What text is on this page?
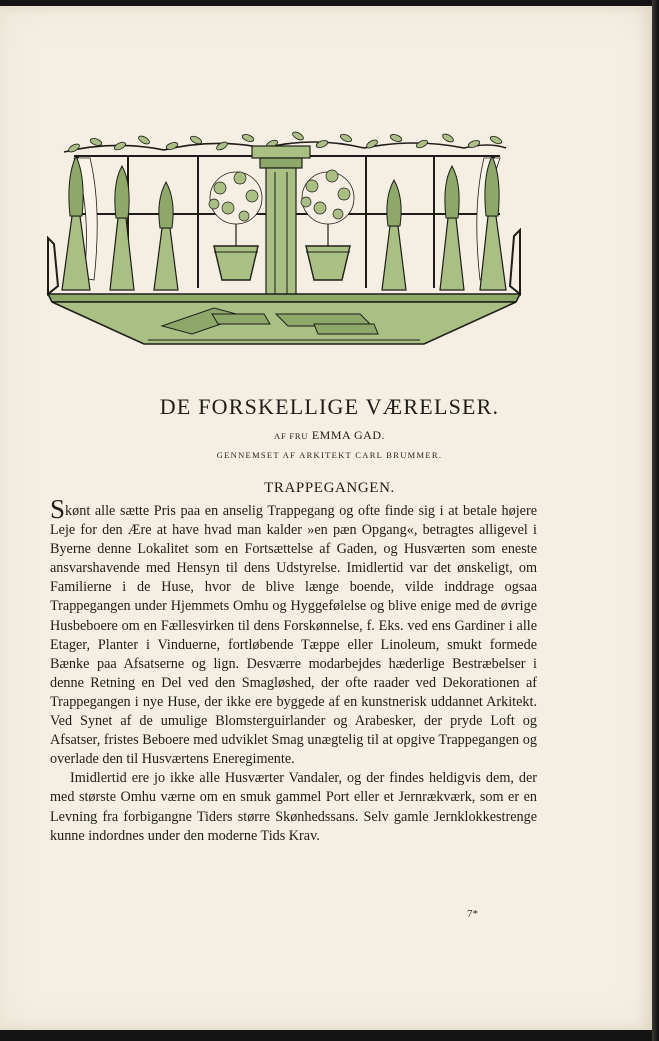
DE FORSKELLIGE VÆRELSER.
AF FRU EMMA GAD.
GENNEMSET AF ARKITEKT CARL BRUMMER.
TRAPPEGANGEN.

Skønt alle sætte Pris paa en anselig Trappegang og ofte finde sig i at betale højere Leje for den Ære at have hvad man kalder »en pæn Opgang«, betragtes alligevel i Byerne denne Lokalitet som en Fortsættelse af Gaden, og Husværten som eneste ansvarshavende med Hensyn til dens Udstyrelse. Imidlertid var det ønskeligt, om Familierne i de Huse, hvor de blive længe boende, vilde inddrage ogsaa Trappegangen under Hjemmets Omhu og Hyggefølelse og blive enige med de øvrige Husbeboere om en Fællesvirken til dens Forskønnelse, f. Eks. ved ens Gardiner i alle Etager, Planter i Vinduerne, fortløbende Tæppe eller Linoleum, smukt formede Bænke paa Afsatserne og lign. Desværre modarbejdes hæderlige Bestræbelser i denne Retning en Del ved den Smagløshed, der ofte raader ved Dekorationen af Trappegangen i nye Huse, der ikke ere byggede af en kunstnerisk uddannet Arkitekt. Ved Synet af de umulige Blomsterguirlander og Arabesker, der pryde Loft og Afsatser, fristes Beboere med udviklet Smag unægtelig til at opgive Trappegangen og overlade den til Husværtens Eneregimente.

Imidlertid ere jo ikke alle Husværter Vandaler, og der findes heldigvis dem, der med største Omhu værne om en smuk gammel Port eller et Jernrækværk, som er en Levning fra forbigangne Tiders større Skønhedssans. Selv gamle Jernklokkestrenge kunne indordnes under den moderne Tids Krav.

7*
